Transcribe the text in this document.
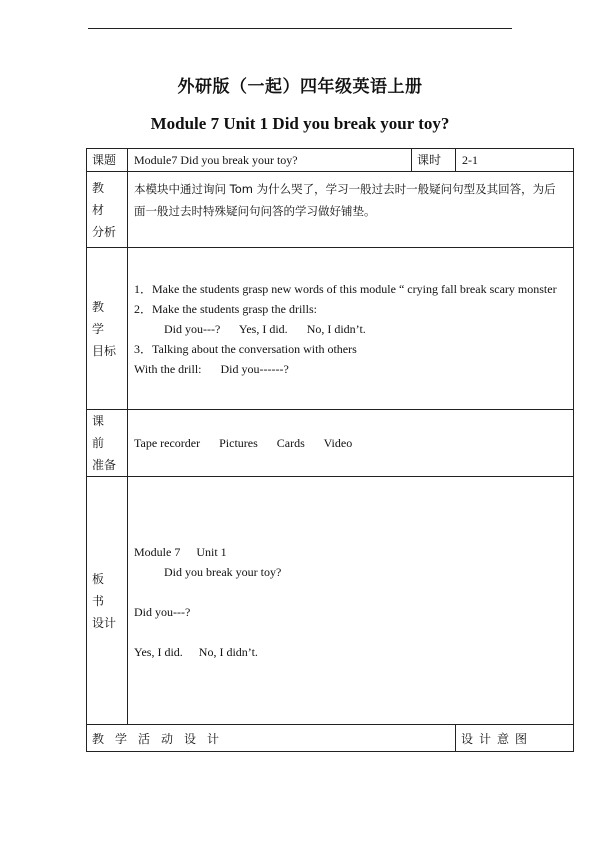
外研版（一起）四年级英语上册
Module 7 Unit 1 Did you break your toy?
课题	Module7 Did you break your toy?	课时	2-1

教 材
分析	本模块中通过询问 Tom 为什么哭了，学习一般过去时一般疑问句型及其回答，为后面一般过去时特殊疑问句问答的学习做好铺垫。		

教 学
目标	1．Make the students grasp new words of this module “ crying fall break scary monster
2．Make the students grasp the drills:
Did you---? Yes, I did. No, I didn’t.
3．Talking about the conversation with others
With the drill: Did you------?		

课 前
准备	Tape recorder Pictures Cards Video		

板 书
设计	Module 7 Unit 1
Did you break your toy?
Did you---?
Yes, I did. No, I didn’t.		

教学活动设计			设计意图
